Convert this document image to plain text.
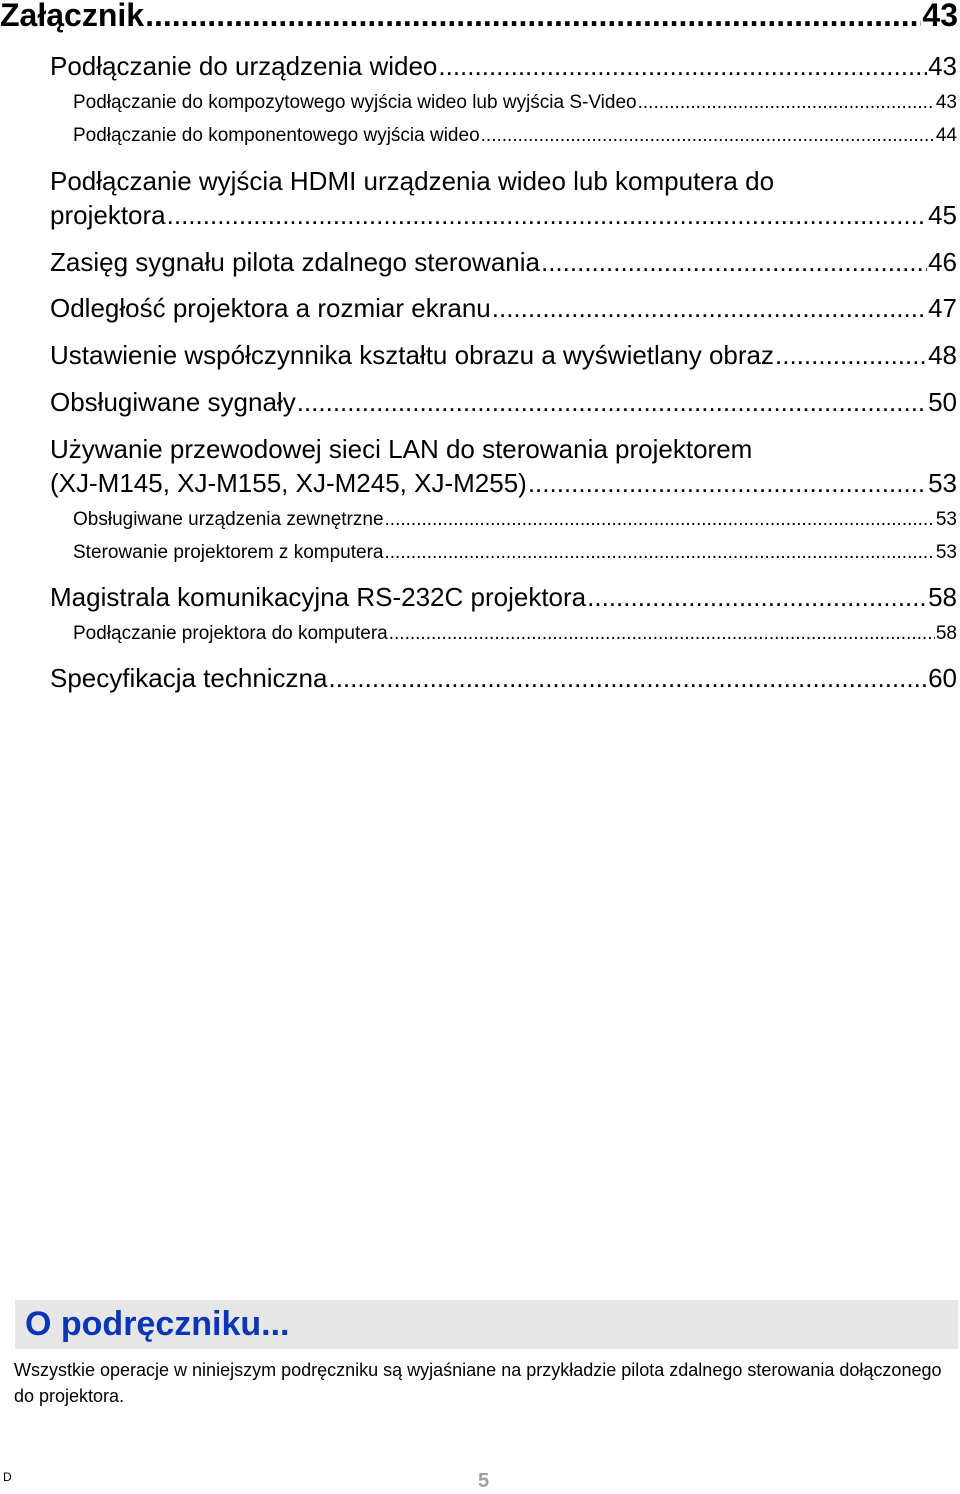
Załącznik .....	43
Podłączanie do urządzenia wideo .....	43
Podłączanie do kompozytowego wyjścia wideo lub wyjścia S-Video .....	43
Podłączanie do komponentowego wyjścia wideo .....	44
Podłączanie wyjścia HDMI urządzenia wideo lub komputera do
projektora .....	45
Zasięg sygnału pilota zdalnego sterowania .....	46
Odległość projektora a rozmiar ekranu .....	47
Ustawienie współczynnika kształtu obrazu a wyświetlany obraz .....	48
Obsługiwane sygnały .....	50
Używanie przewodowej sieci LAN do sterowania projektorem
(XJ-M145, XJ-M155, XJ-M245, XJ-M255) .....	53
Obsługiwane urządzenia zewnętrzne .....	53
Sterowanie projektorem z komputera .....	53
Magistrala komunikacyjna RS-232C projektora .....	58
Podłączanie projektora do komputera .....	58
Specyfikacja techniczna .....	60
O podręczniku...
Wszystkie operacje w niniejszym podręczniku są wyjaśniane na przykładzie pilota zdalnego sterowania dołączonego do projektora.
D	5
